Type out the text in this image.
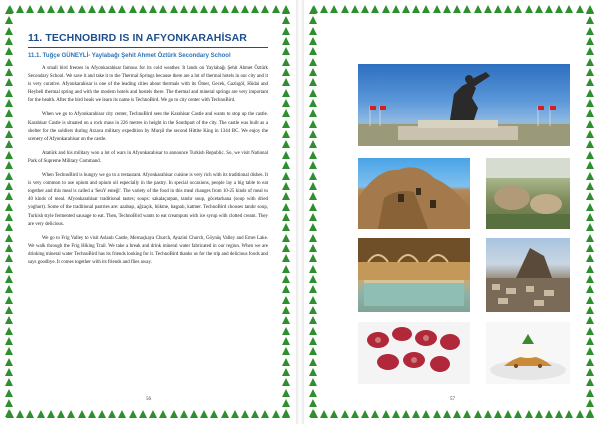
11. TECHNOBIRD IS IN AFYONKARAHİSAR
11.1. Tuğçe GÜNEYLİ- Yaylabağı Şehit Ahmet Öztürk Secondary School

A small bird freezes in Afyonkarahisar famous for its cold weather. It lands on Yaylabağı Şehit Ahmet Öztürk Secondary School. We save it and take it to the Thermal Springs because there are a lot of thermal hotels in our city and it is very curative. Afyonkarahisar is one of the leading cities about thermals with its Ömer, Gecek, Gazlıgöl, Hüdai and Heybeli thermal spring and with the modern hotels and hostels there. The thermal and mineral springs are very important for the health. After the bird heals we learn its name is TechnoBird. We go to city center with TechnoBird.

When we go to Afyonkarahisar city center, TechnoBird sees the Karahisar Castle and wants to stop up the castle. Karahisar Castle is situated on a rock mass in 226 metres in height in the Southpart of the city. The castle was built as a shelter for the soldiers during Arzava military expedition by Murşil the second Hittite King in 1344 BC. We enjoy the scenery of Afyonkarahisar on the castle.

Atatürk and his military won a lot of wars in Afyonkarahisar to announce Turkish Republic. So, we visit National Park of Supreme Military Command.

When TechnoBird is hungry we go to a restaurant. Afyonkarahisar cuisine is very rich with its traditional dishes. It is very common to use opium and opium oil especially in the pastry. In special occasions, people lay a big table to eat together and this meal is called a 'SeuY emeği'. The variety of the food in this meal changes from 10-25 kinds of meal to 40 kinds of meal. Afyonkarahisar traditional tastes; soups: sakalaçarpan, tandır soup, göcetarhana (soup with dried yoghurt). Some of the traditional pastries are: azabaşı, ağzaçık, bükme, başpalı, katmer. TechnoBird chooses tandır soup, Turkish style fermented sausage to eat. Then, TechnoBird wants to eat creamputs with ice syrup with clotted cream. They are very delicious.

We go to Frig Valley to visit Aslanlı Castle, Mernaçkaya Church, Ayazini Church, Göynüş Valley and Emre Lake. We walk through the Frig Hiking Trail. We take a break and drink mineral water fabricated in our region. When we are drinking mineral water TechnoBird has its friends looking for it. TechnoBird thanks us for the trip and delicious foods and says goodbye. It comes together with its friends and flies away.

56	57
